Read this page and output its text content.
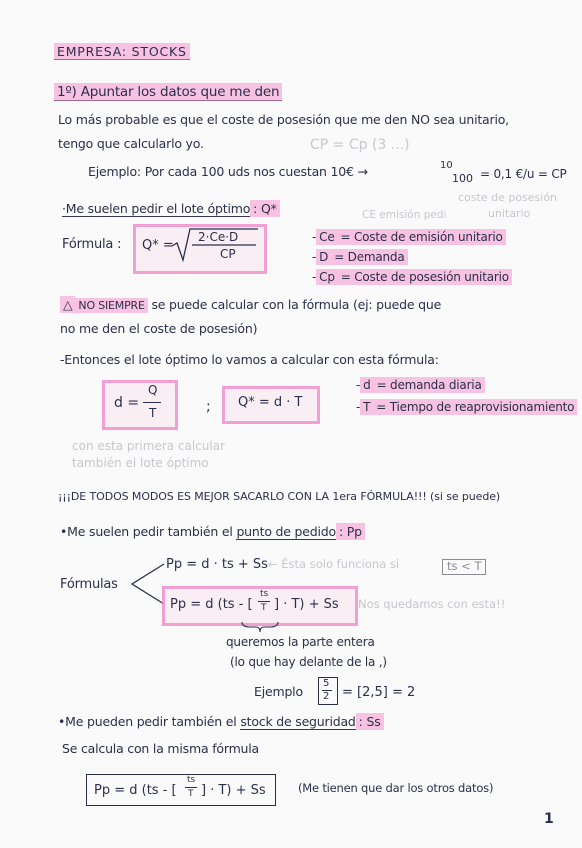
EMPRESA: STOCKS
1º) Apuntar los datos que me den
Lo más probable es que el coste de posesión que me den NO sea unitario,
tengo que calcularlo yo.	CP = Cp (3 ...)
coste de posesión
unitario
CE emisión pedi
Ejemplo: Por cada 100 uds nos cuestan 10€ →	10
100 = 0,1 €/u = CP
·Me suelen pedir el lote óptimo : Q*
Fórmula : Q* =
2·Ce·D
CP
- Ce = Coste de emisión unitario
- D = Demanda
- Cp = Coste de posesión unitario
△ NO SIEMPRE se puede calcular con la fórmula (ej: puede que
no me den el coste de posesión)
-Entonces el lote óptimo lo vamos a calcular con esta fórmula:
d =
Q
T	; Q* = d · T
- d = demanda diaria
- T = Tiempo de reaprovisionamiento
con esta primera calcular
también el lote óptimo
¡¡¡DE TODOS MODOS ES MEJOR SACARLO CON LA 1era FÓRMULA!!! (si se puede)
•Me suelen pedir también el punto de pedido : Pp
Fórmulas
Pp = d · ts + Ss ← Ésta solo funciona si	ts < T
Pp = d (ts - [
ts
T ] · T) + Ss Nos quedamos con esta!!
queremos la parte entera
(lo que hay delante de la ,)
Ejemplo
5
2 = [2,5] = 2
•Me pueden pedir también el stock de seguridad : Ss
Se calcula con la misma fórmula
Pp = d (ts - [
ts
T ] · T) + Ss	(Me tienen que dar los otros datos)
1
